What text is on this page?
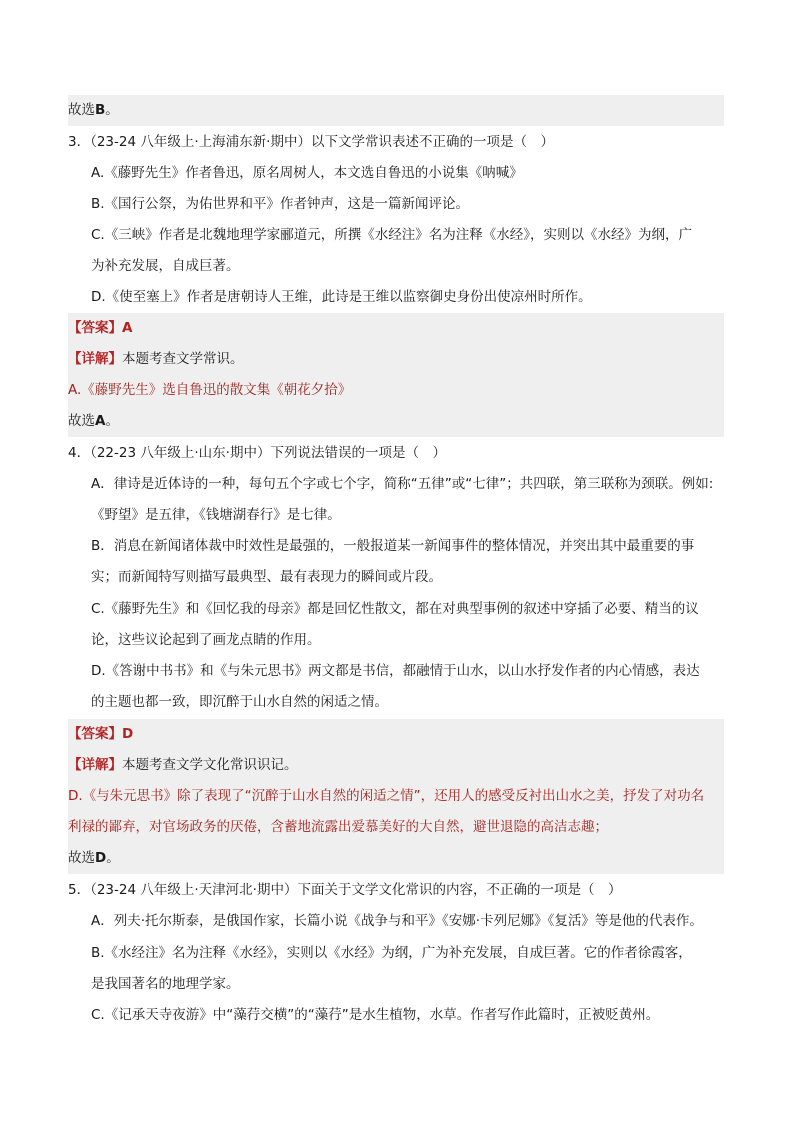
故选B。
3．（23-24 八年级上·上海浦东新·期中）以下文学常识表述不正确的一项是（　）
A.《藤野先生》作者鲁迅，原名周树人，本文选自鲁迅的小说集《呐喊》
B.《国行公祭，为佑世界和平》作者钟声，这是一篇新闻评论。
C.《三峡》作者是北魏地理学家郦道元，所撰《水经注》名为注释《水经》，实则以《水经》为纲，广
为补充发展，自成巨著。
D.《使至塞上》作者是唐朝诗人王维，此诗是王维以监察御史身份出使凉州时所作。
【答案】A
【详解】本题考查文学常识。
A.《藤野先生》选自鲁迅的散文集《朝花夕拾》
故选A。
4．（22-23 八年级上·山东·期中）下列说法错误的一项是（　）
A．律诗是近体诗的一种，每句五个字或七个字，简称“五律”或“七律”；共四联，第三联称为颈联。例如:
《野望》是五律，《钱塘湖春行》是七律。
B．消息在新闻诸体裁中时效性是最强的，一般报道某一新闻事件的整体情况，并突出其中最重要的事
实；而新闻特写则描写最典型、最有表现力的瞬间或片段。
C.《藤野先生》和《回忆我的母亲》都是回忆性散文，都在对典型事例的叙述中穿插了必要、精当的议
论，这些议论起到了画龙点睛的作用。
D.《答谢中书书》和《与朱元思书》两文都是书信，都融情于山水，以山水抒发作者的内心情感，表达
的主题也都一致，即沉醉于山水自然的闲适之情。
【答案】D
【详解】本题考查文学文化常识识记。
D.《与朱元思书》除了表现了“沉醉于山水自然的闲适之情”，还用人的感受反衬出山水之美，抒发了对功名
利禄的鄙弃，对官场政务的厌倦，含蓄地流露出爱慕美好的大自然，避世退隐的高洁志趣；
故选D。
5．（23-24 八年级上·天津河北·期中）下面关于文学文化常识的内容，不正确的一项是（　）
A．列夫·托尔斯泰，是俄国作家，长篇小说《战争与和平》《安娜·卡列尼娜》《复活》等是他的代表作。
B.《水经注》名为注释《水经》，实则以《水经》为纲，广为补充发展，自成巨著。它的作者徐霞客，
是我国著名的地理学家。
C.《记承天寺夜游》中“藻荇交横”的“藻荇”是水生植物，水草。作者写作此篇时，正被贬黄州。
